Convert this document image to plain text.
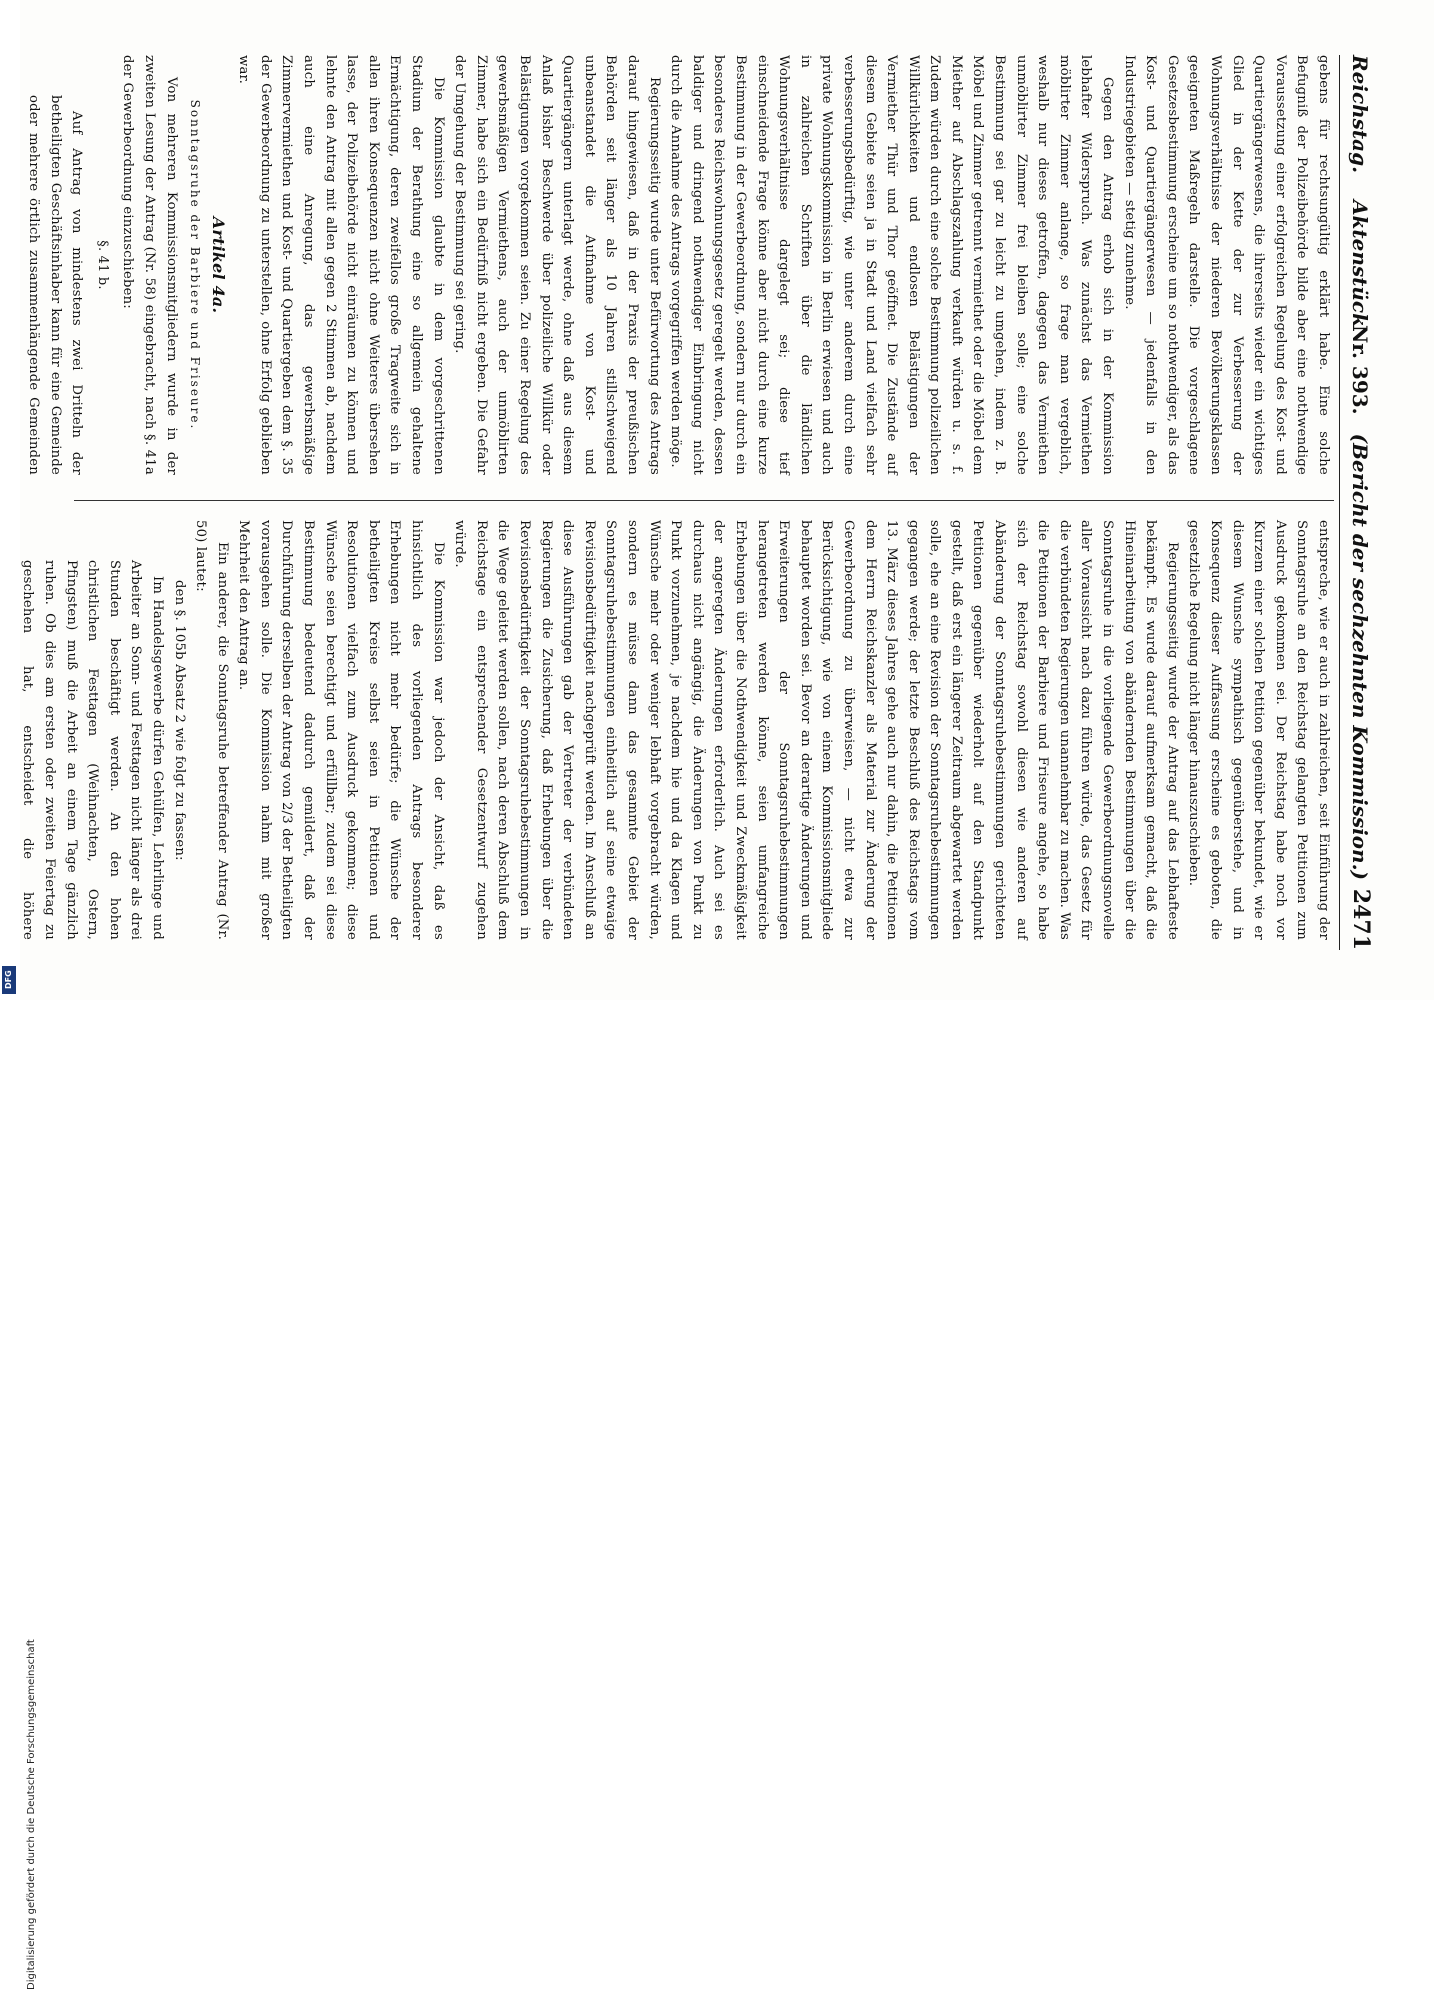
Reichstag.
Aktenstück
Nr. 393.
(Bericht der sechzehnten Kommission.)
2471

gebens für rechtsungültig erklärt habe. Eine solche Befugniß der Polizeibehörde bilde aber eine nothwendige Voraussetzung einer erfolgreichen Regelung des Kost- und Quartiergängerwesens, die ihrerseits wieder ein wichtiges Glied in der Kette der zur Verbesserung der Wohnungsverhältnisse der niederen Bevölkerungsklassen geeigneten Maßregeln darstelle. Die vorgeschlagene Gesetzesbestimmung erscheine um so nothwendiger, als das Kost- und Quartiergängerwesen — jedenfalls in den Industriegebieten — stetig zunehme.

Gegen den Antrag erhob sich in der Kommission lebhafter Widerspruch. Was zunächst das Vermiethen möblirter Zimmer anlange, so frage man vergeblich, weshalb nur dieses getroffen, dagegen das Vermiethen unmöblirter Zimmer frei bleiben solle; eine solche Bestimmung sei gar zu leicht zu umgehen, indem z. B. Möbel und Zimmer getrennt vermiethet oder die Möbel dem Miether auf Abschlagszahlung verkauft würden u. s. f. Zudem würden durch eine solche Bestimmung polizeilichen Willkürlichkeiten und endlosen Belästigungen der Vermiether Thür und Thor geöffnet. Die Zustände auf diesem Gebiete seien ja in Stadt und Land vielfach sehr verbesserungsbedürftig, wie unter anderem durch eine private Wohnungskommission in Berlin erwiesen und auch in zahlreichen Schriften über die ländlichen Wohnungsverhältnisse dargelegt sei; diese tief einschneidende Frage könne aber nicht durch eine kurze Bestimmung in der Gewerbeordnung, sondern nur durch ein besonderes Reichswohnungsgesetz geregelt werden, dessen baldiger und dringend nothwendiger Einbringung nicht durch die Annahme des Antrags vorgegriffen werden möge.

Regierungsseitig wurde unter Befürwortung des Antrags darauf hingewiesen, daß in der Praxis der preußischen Behörden seit länger als 10 Jahren stillschweigend unbeanstandet die Aufnahme von Kost- und Quartiergängern unterlagt werde, ohne daß aus diesem Anlaß bisher Beschwerde über polizeiliche Willkür oder Belästigungen vorgekommen seien. Zu einer Regelung des gewerbsmäßigen Vermiethens, auch der unmöblirten Zimmer, habe sich ein Bedürfniß nicht ergeben. Die Gefahr der Umgehung der Bestimmung sei gering.

Die Kommission glaubte in dem vorgeschrittenen Stadium der Berathung eine so allgemein gehaltene Ermächtigung, deren zweifellos große Tragweite sich in allen ihren Konsequenzen nicht ohne Weiteres übersehen lasse, der Polizeibehörde nicht einräumen zu können und lehnte den Antrag mit allen gegen 2 Stimmen ab, nachdem auch eine Anregung, das gewerbsmäßige Zimmervermiethen und Kost- und Quartiergeben dem §. 35 der Gewerbeordnung zu unterstellen, ohne Erfolg geblieben war.

Artikel 4a.
Sonntagsruhe der Barbiere und Friseure.

Von mehreren Kommissionsmitgliedern wurde in der zweiten Lesung der Antrag (Nr. 58) eingebracht, nach §. 41a der Gewerbeordnung einzuschieben:

§. 41 b.

Auf Antrag von mindestens zwei Dritteln der betheiligten Geschäftsinhaber kann für eine Gemeinde oder mehrere örtlich zusammenhängende Gemeinden

entspreche, wie er auch in zahlreichen, seit Einführung der Sonntagsruhe an den Reichstag gelangten Petitionen zum Ausdruck gekommen sei. Der Reichstag habe noch vor Kurzem einer solchen Petition gegenüber bekundet, wie er diesem Wunsche sympathisch gegenüberstehe, und in Konsequenz dieser Auffassung erscheine es geboten, die gesetzliche Regelung nicht länger hinauszuschieben.

Regierungsseitig wurde der Antrag auf das Lebhafteste bekämpft. Es wurde darauf aufmerksam gemacht, daß die Hineinarbeitung von abändernden Bestimmungen über die Sonntagsruhe in die vorliegende Gewerbeordnungsnovelle aller Voraussicht nach dazu führen würde, das Gesetz für die verbündeten Regierungen unannehmbar zu machen. Was die Petitionen der Barbiere und Friseure angehe, so habe sich der Reichstag sowohl diesen wie anderen auf Abänderung der Sonntagsruhebestimmungen gerichteten Petitionen gegenüber wiederholt auf den Standpunkt gestellt, daß erst ein längerer Zeitraum abgewartet werden solle, ehe an eine Revision der Sonntagsruhebestimmungen gegangen werde; der letzte Beschluß des Reichstags vom 13. März dieses Jahres gehe auch nur dahin, die Petitionen dem Herrn Reichskanzler als Material zur Änderung der Gewerbeordnung zu überweisen, — nicht etwa zur Berücksichtigung, wie von einem Kommissionsmitgliede behauptet worden sei. Bevor an derartige Änderungen und Erweiterungen der Sonntagsruhebestimmungen herangetreten werden könne, seien umfangreiche Erhebungen über die Nothwendigkeit und Zweckmäßigkeit der angeregten Änderungen erforderlich. Auch sei es durchaus nicht angängig, die Änderungen von Punkt zu Punkt vorzunehmen, je nachdem hie und da Klagen und Wünsche mehr oder weniger lebhaft vorgebracht würden, sondern es müsse dann das gesammte Gebiet der Sonntagsruhebestimmungen einheitlich auf seine etwaige Revisionsbedürftigkeit nachgeprüft werden. Im Anschluß an diese Ausführungen gab der Vertreter der verbündeten Regierungen die Zusicherung, daß Erhebungen über die Revisionsbedürftigkeit der Sonntagsruhebestimmungen in die Wege geleitet werden sollen, nach deren Abschluß dem Reichstage ein entsprechender Gesetzentwurf zugehen würde.

Die Kommission war jedoch der Ansicht, daß es hinsichtlich des vorliegenden Antrags besonderer Erhebungen nicht mehr bedürfe; die Wünsche der betheiligten Kreise selbst seien in Petitionen und Resolutionen vielfach zum Ausdruck gekommen; diese Wünsche seien berechtigt und erfüllbar; zudem sei diese Bestimmung bedeutend dadurch gemildert, daß der Durchführung derselben der Antrag von 2/3 der Betheiligten vorausgehen solle. Die Kommission nahm mit großer Mehrheit den Antrag an.

Ein anderer, die Sonntagsruhe betreffender Antrag (Nr. 50) lautet:

den §. 105b Absatz 2 wie folgt zu fassen:

Im Handelsgewerbe dürfen Gehülfen, Lehrlinge und Arbeiter an Sonn- und Festtagen nicht länger als drei Stunden beschäftigt werden. An den hohen christlichen Festtagen (Weihnachten, Ostern, Pfingsten) muß die Arbeit an einem Tage gänzlich ruhen. Ob dies am ersten oder zweiten Feiertag zu geschehen hat, entscheidet die höhere

Digitalisierung gefördert durch die Deutsche Forschungsgemeinschaft
DFG
